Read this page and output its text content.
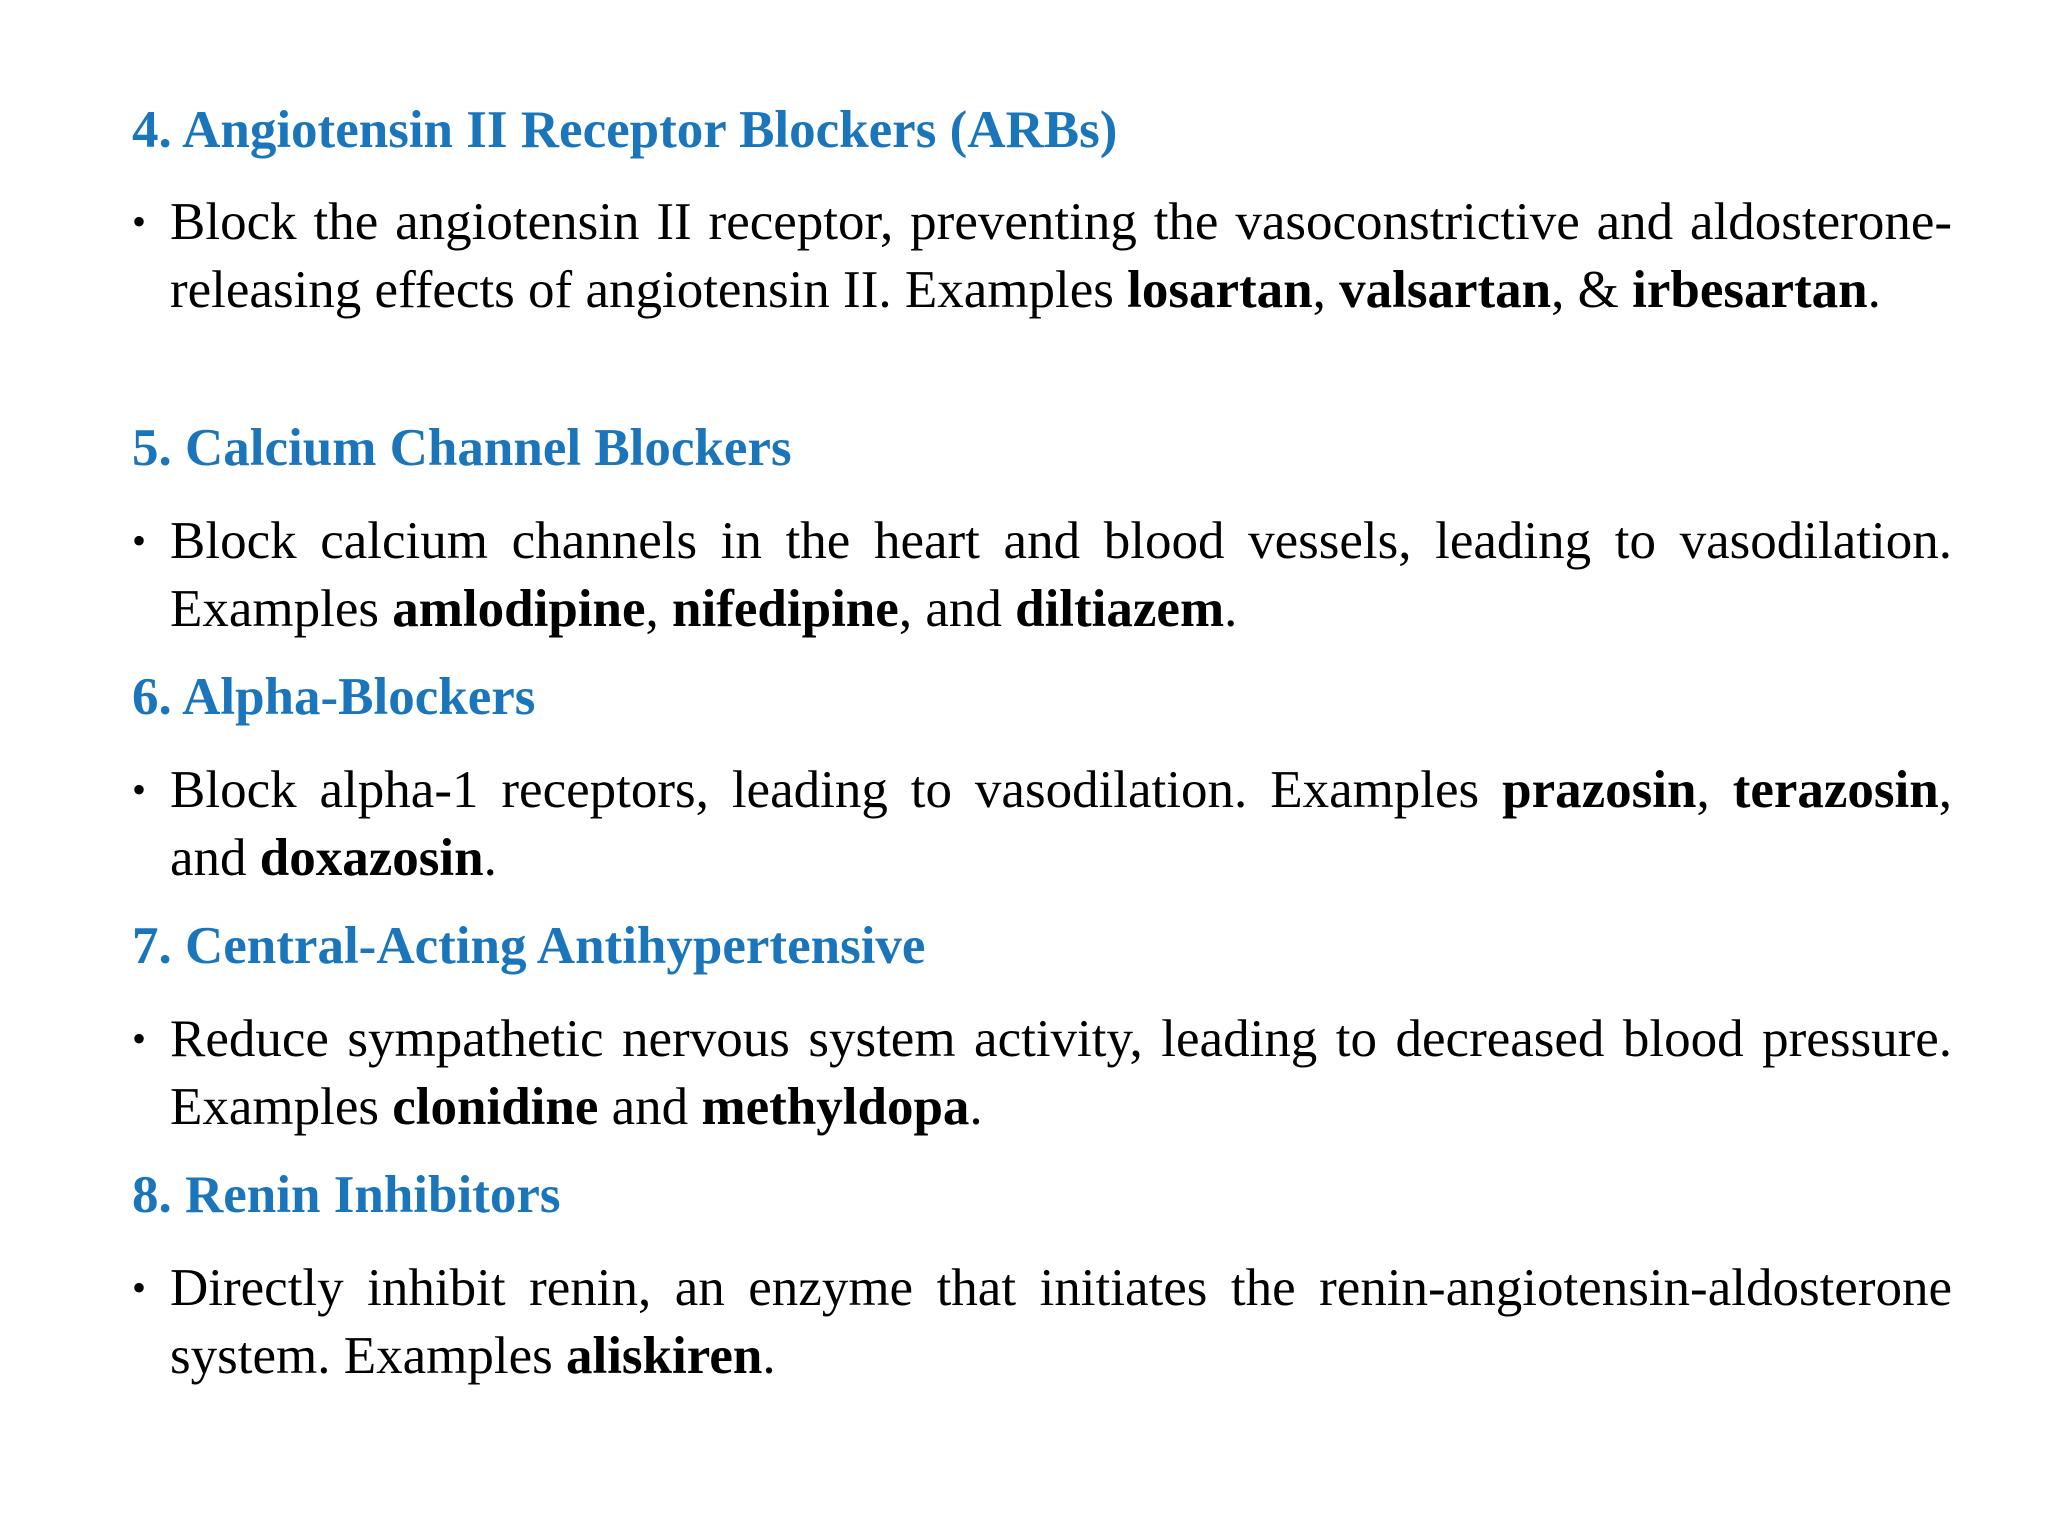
4. Angiotensin II Receptor Blockers (ARBs)
• Block the angiotensin II receptor, preventing the vasoconstrictive and aldosterone-releasing effects of angiotensin II. Examples losartan, valsartan, & irbesartan.

5. Calcium Channel Blockers
• Block calcium channels in the heart and blood vessels, leading to vasodilation. Examples amlodipine, nifedipine, and diltiazem.

6. Alpha-Blockers
• Block alpha-1 receptors, leading to vasodilation. Examples prazosin, terazosin, and doxazosin.

7. Central-Acting Antihypertensive
• Reduce sympathetic nervous system activity, leading to decreased blood pressure. Examples clonidine and methyldopa.

8. Renin Inhibitors
• Directly inhibit renin, an enzyme that initiates the renin-angiotensin-aldosterone system. Examples aliskiren.
